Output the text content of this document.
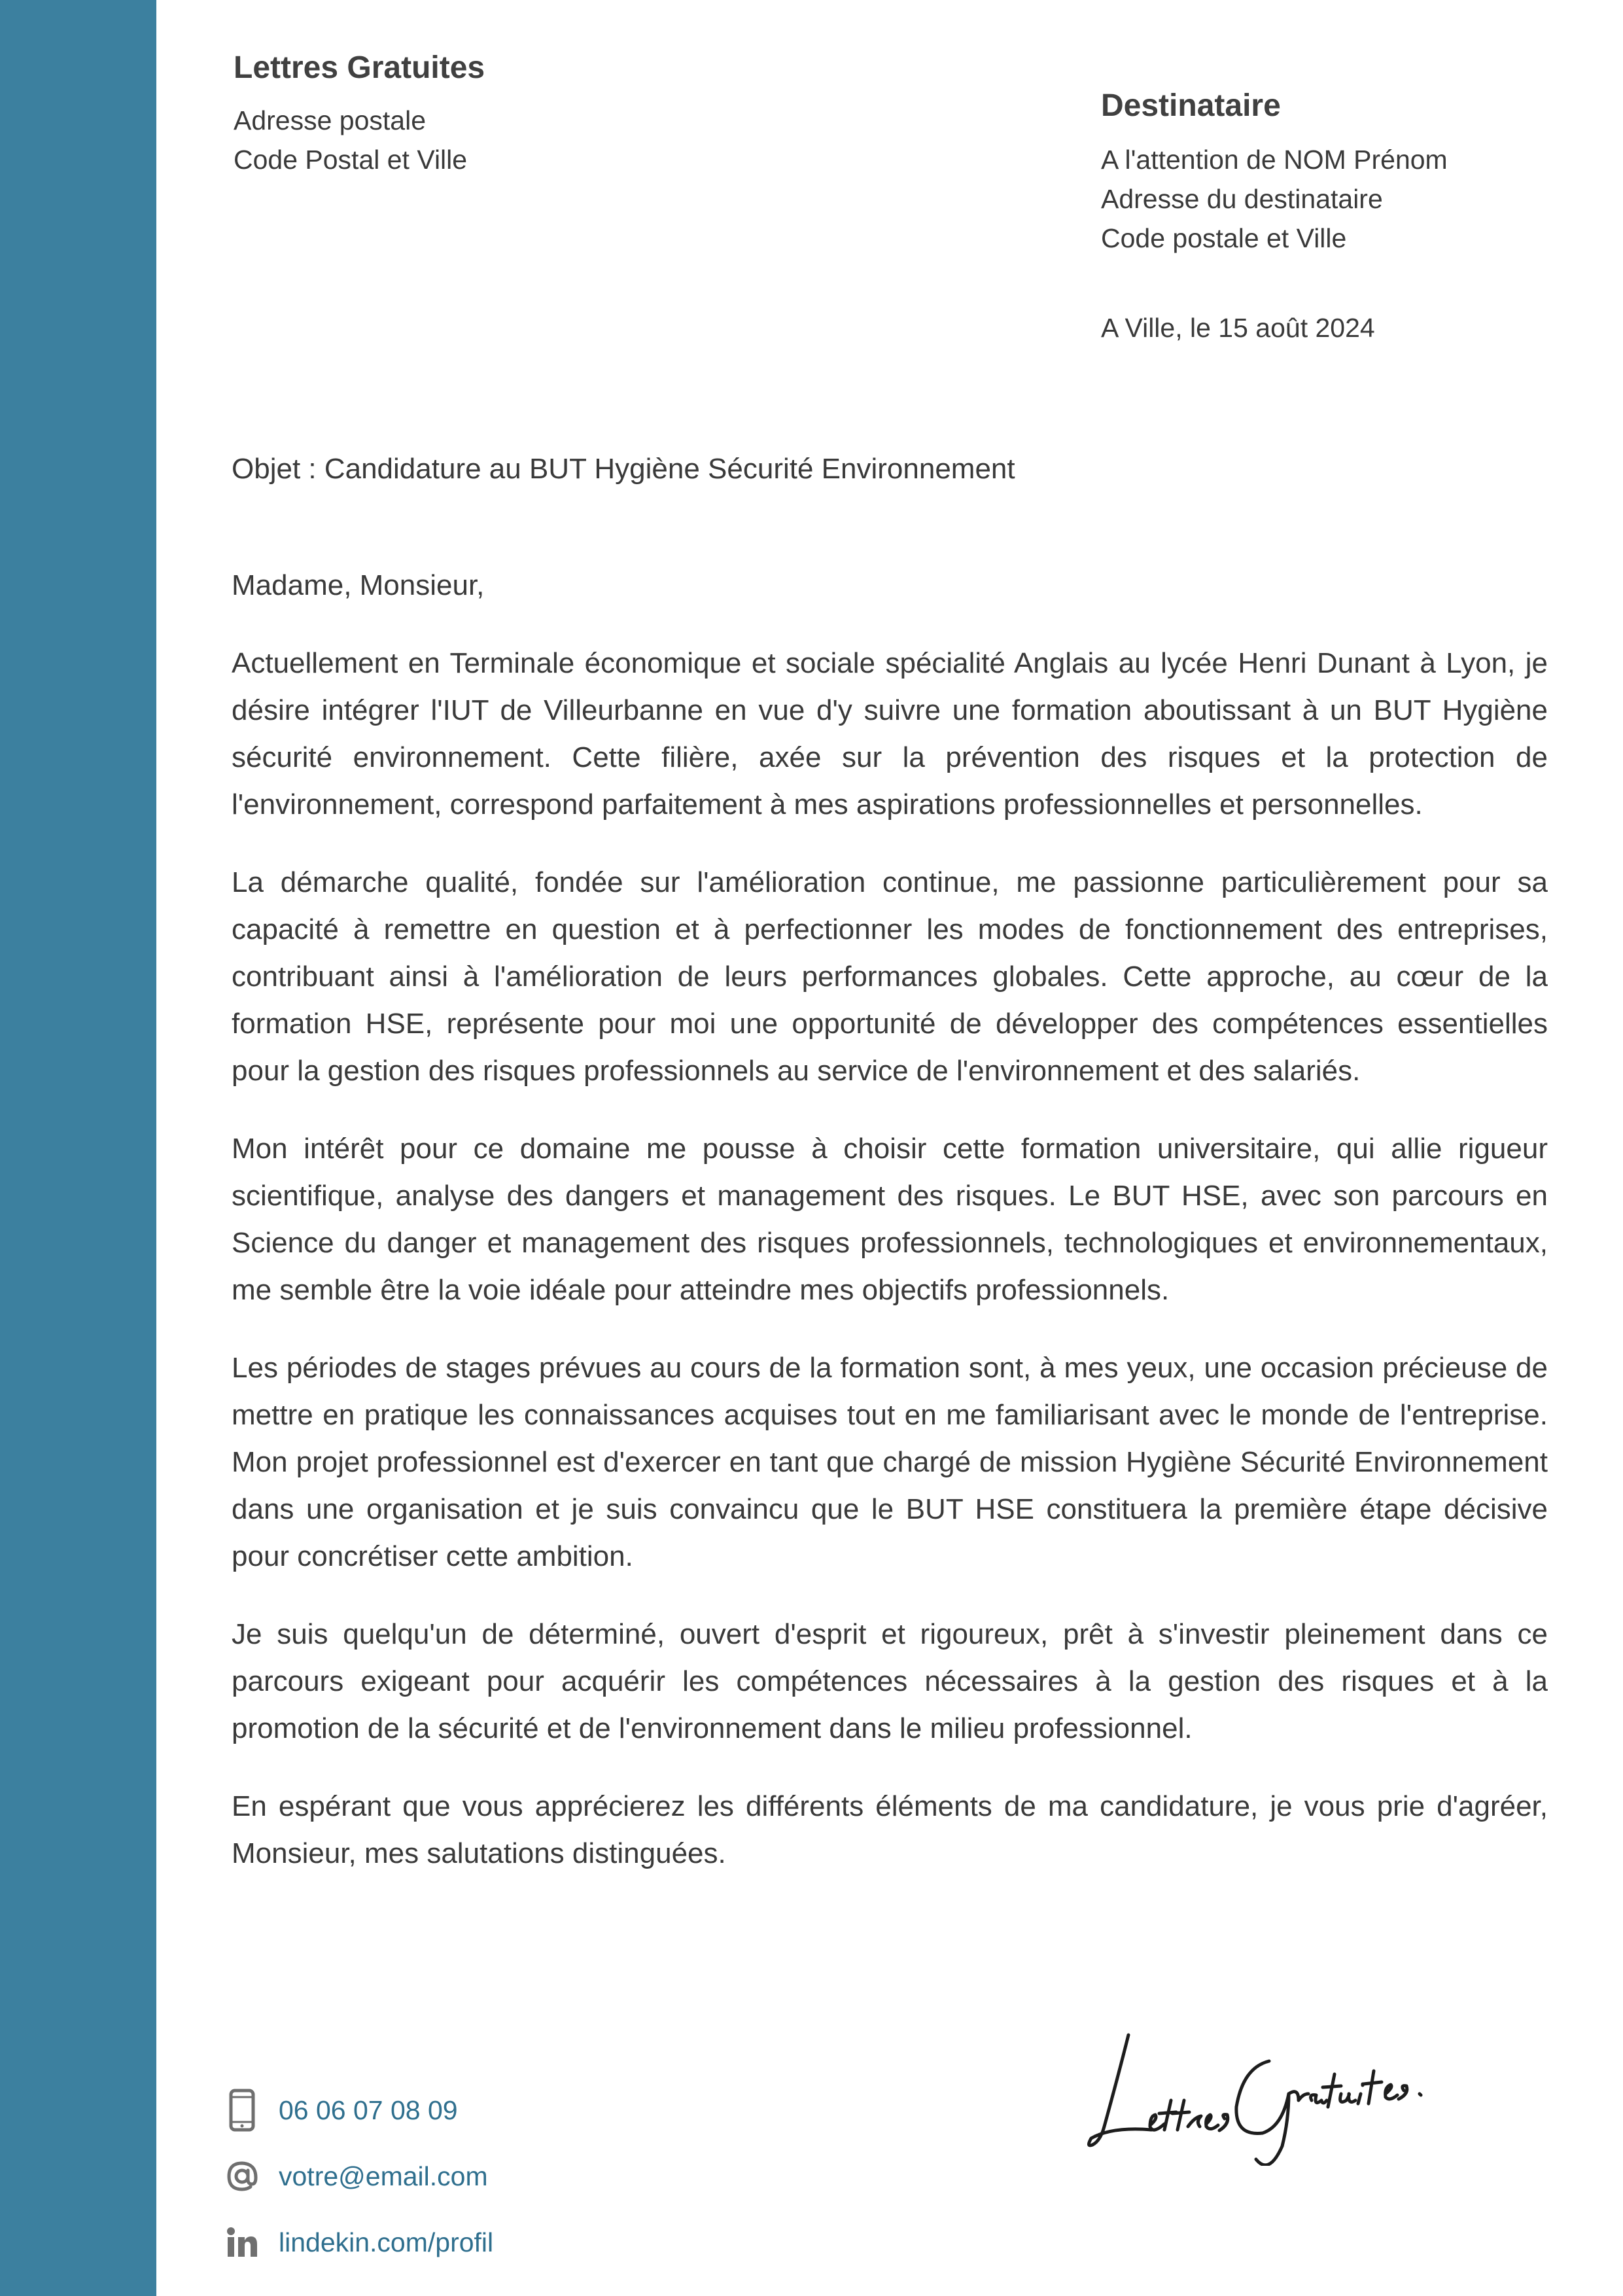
Lettres Gratuites
Adresse postale
Code Postal et Ville
Destinataire
A l'attention de NOM Prénom
Adresse du destinataire
Code postale et Ville
A Ville, le 15 août 2024
Objet : Candidature au BUT Hygiène Sécurité Environnement

Madame, Monsieur,

Actuellement en Terminale économique et sociale spécialité Anglais au lycée Henri Dunant à Lyon, je désire intégrer l'IUT de Villeurbanne en vue d'y suivre une formation aboutissant à un BUT Hygiène sécurité environnement. Cette filière, axée sur la prévention des risques et la protection de l'environnement, correspond parfaitement à mes aspirations professionnelles et personnelles.

La démarche qualité, fondée sur l'amélioration continue, me passionne particulièrement pour sa capacité à remettre en question et à perfectionner les modes de fonctionnement des entreprises, contribuant ainsi à l'amélioration de leurs performances globales. Cette approche, au cœur de la formation HSE, représente pour moi une opportunité de développer des compétences essentielles pour la gestion des risques professionnels au service de l'environnement et des salariés.

Mon intérêt pour ce domaine me pousse à choisir cette formation universitaire, qui allie rigueur scientifique, analyse des dangers et management des risques. Le BUT HSE, avec son parcours en Science du danger et management des risques professionnels, technologiques et environnementaux, me semble être la voie idéale pour atteindre mes objectifs professionnels.

Les périodes de stages prévues au cours de la formation sont, à mes yeux, une occasion précieuse de mettre en pratique les connaissances acquises tout en me familiarisant avec le monde de l'entreprise. Mon projet professionnel est d'exercer en tant que chargé de mission Hygiène Sécurité Environnement dans une organisation et je suis convaincu que le BUT HSE constituera la première étape décisive pour concrétiser cette ambition.

Je suis quelqu'un de déterminé, ouvert d'esprit et rigoureux, prêt à s'investir pleinement dans ce parcours exigeant pour acquérir les compétences nécessaires à la gestion des risques et à la promotion de la sécurité et de l'environnement dans le milieu professionnel.

En espérant que vous apprécierez les différents éléments de ma candidature, je vous prie d'agréer, Monsieur, mes salutations distinguées.

06 06 07 08 09
votre@email.com
lindekin.com/profil
